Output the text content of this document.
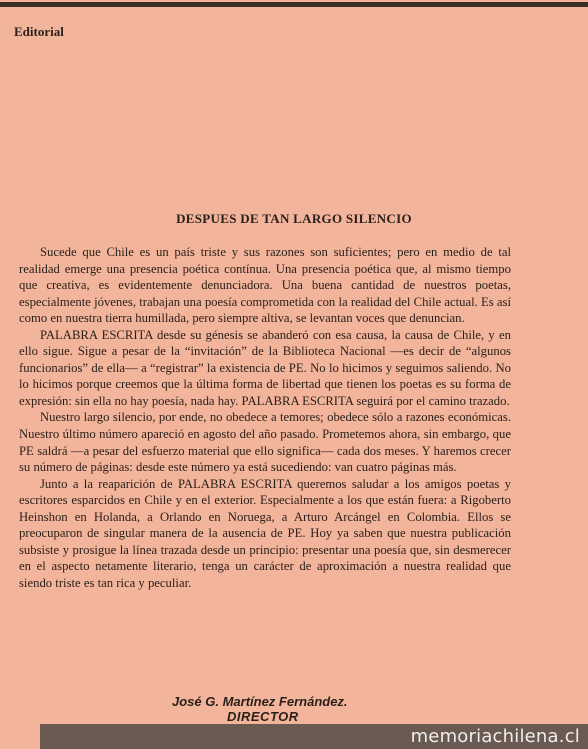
Editorial
DESPUES DE TAN LARGO SILENCIO

Sucede que Chile es un país triste y sus razones son suficientes; pero en medio de tal realidad emerge una presencia poética contínua. Una presencia poética que, al mismo tiempo que creativa, es evidentemente denunciadora. Una buena cantidad de nuestros poetas, especialmente jóvenes, trabajan una poesía comprometida con la realidad del Chile actual. Es así como en nuestra tierra humillada, pero siempre altiva, se levantan voces que denuncian.

PALABRA ESCRITA desde su génesis se abanderó con esa causa, la causa de Chile, y en ello sigue. Sigue a pesar de la “invitación” de la Biblioteca Nacional —es decir de “algunos funcionarios” de ella— a “registrar” la existencia de PE. No lo hicimos y seguimos saliendo. No lo hicimos porque creemos que la última forma de libertad que tienen los poetas es su forma de expresión: sin ella no hay poesía, nada hay. PALABRA ESCRITA seguirá por el camino trazado.

Nuestro largo silencio, por ende, no obedece a temores; obedece sólo a razones económicas. Nuestro último número apareció en agosto del año pasado. Prometemos ahora, sin embargo, que PE saldrá —a pesar del esfuerzo material que ello significa— cada dos meses. Y haremos crecer su número de páginas: desde este número ya está sucediendo: van cuatro páginas más.

Junto a la reaparición de PALABRA ESCRITA queremos saludar a los amigos poetas y escritores esparcidos en Chile y en el exterior. Especialmente a los que están fuera: a Rigoberto Heinshon en Holanda, a Orlando en Noruega, a Arturo Arcángel en Colombia. Ellos se preocuparon de singular manera de la ausencia de PE. Hoy ya saben que nuestra publicación subsiste y prosigue la línea trazada desde un principio: presentar una poesía que, sin desmerecer en el aspecto netamente literario, tenga un carácter de aproximación a nuestra realidad que siendo triste es tan rica y peculiar.

José G. Martínez Fernández.
DIRECTOR
memoriachilena.cl
